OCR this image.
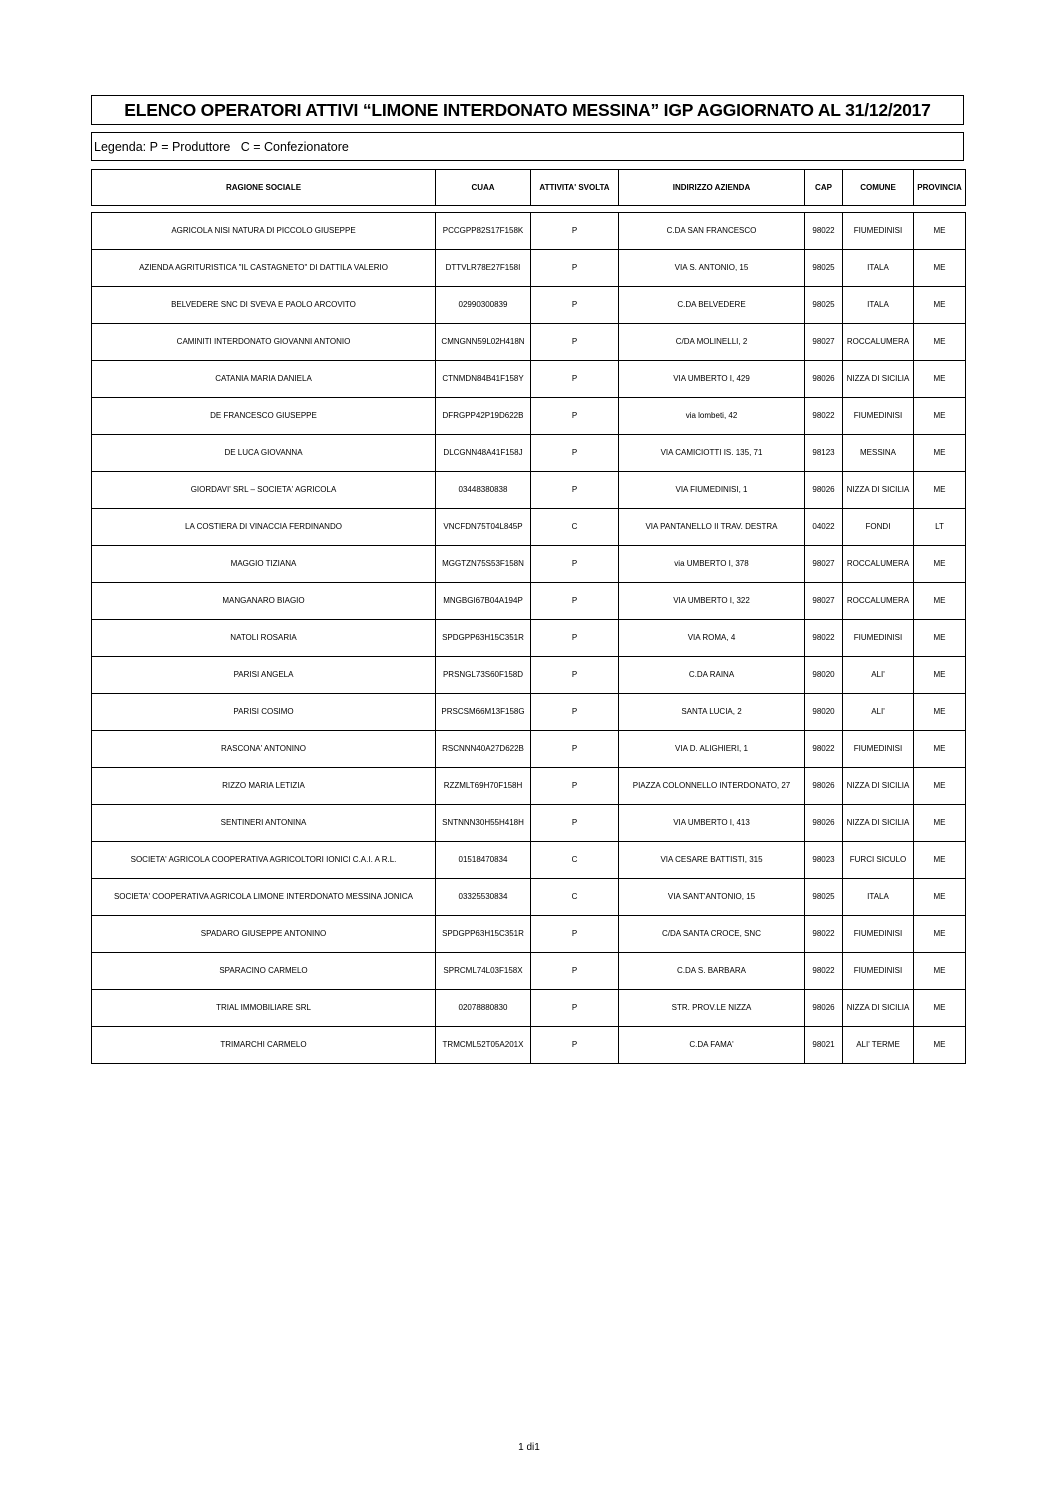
ELENCO OPERATORI ATTIVI “LIMONE INTERDONATO MESSINA” IGP AGGIORNATO AL 31/12/2017
Legenda: P = Produttore   C = Confezionatore
RAGIONE SOCIALE	CUAA	ATTIVITA' SVOLTA	INDIRIZZO AZIENDA	CAP	COMUNE	PROVINCIA
AGRICOLA NISI NATURA DI PICCOLO GIUSEPPE	PCCGPP82S17F158K	P	C.DA SAN FRANCESCO	98022	FIUMEDINISI	ME
AZIENDA AGRITURISTICA "IL CASTAGNETO" DI DATTILA VALERIO	DTTVLR78E27F158I	P	VIA S. ANTONIO, 15	98025	ITALA	ME
BELVEDERE SNC DI SVEVA E PAOLO ARCOVITO	02990300839	P	C.DA BELVEDERE	98025	ITALA	ME
CAMINITI INTERDONATO GIOVANNI ANTONIO	CMNGNN59L02H418N	P	C/DA MOLINELLI, 2	98027	ROCCALUMERA	ME
CATANIA MARIA DANIELA	CTNMDN84B41F158Y	P	VIA UMBERTO I, 429	98026	NIZZA DI SICILIA	ME
DE FRANCESCO GIUSEPPE	DFRGPP42P19D622B	P	via lombeti, 42	98022	FIUMEDINISI	ME
DE LUCA GIOVANNA	DLCGNN48A41F158J	P	VIA CAMICIOTTI IS. 135, 71	98123	MESSINA	ME
GIORDAVI' SRL – SOCIETA' AGRICOLA	03448380838	P	VIA FIUMEDINISI, 1	98026	NIZZA DI SICILIA	ME
LA COSTIERA DI VINACCIA FERDINANDO	VNCFDN75T04L845P	C	VIA PANTANELLO II TRAV. DESTRA	04022	FONDI	LT
MAGGIO TIZIANA	MGGTZN75S53F158N	P	via UMBERTO I, 378	98027	ROCCALUMERA	ME
MANGANARO BIAGIO	MNGBGI67B04A194P	P	VIA UMBERTO I, 322	98027	ROCCALUMERA	ME
NATOLI ROSARIA	SPDGPP63H15C351R	P	VIA ROMA, 4	98022	FIUMEDINISI	ME
PARISI ANGELA	PRSNGL73S60F158D	P	C.DA RAINA	98020	ALI'	ME
PARISI COSIMO	PRSCSM66M13F158G	P	SANTA LUCIA, 2	98020	ALI'	ME
RASCONA' ANTONINO	RSCNNN40A27D622B	P	VIA D. ALIGHIERI, 1	98022	FIUMEDINISI	ME
RIZZO MARIA LETIZIA	RZZMLT69H70F158H	P	PIAZZA COLONNELLO INTERDONATO, 27	98026	NIZZA DI SICILIA	ME
SENTINERI ANTONINA	SNTNNN30H55H418H	P	VIA UMBERTO I, 413	98026	NIZZA DI SICILIA	ME
SOCIETA' AGRICOLA COOPERATIVA AGRICOLTORI IONICI C.A.I. A R.L.	01518470834	C	VIA CESARE BATTISTI, 315	98023	FURCI SICULO	ME
SOCIETA' COOPERATIVA AGRICOLA LIMONE INTERDONATO MESSINA JONICA	03325530834	C	VIA SANT'ANTONIO, 15	98025	ITALA	ME
SPADARO GIUSEPPE ANTONINO	SPDGPP63H15C351R	P	C/DA SANTA CROCE, SNC	98022	FIUMEDINISI	ME
SPARACINO CARMELO	SPRCML74L03F158X	P	C.DA S. BARBARA	98022	FIUMEDINISI	ME
TRIAL IMMOBILIARE SRL	02078880830	P	STR. PROV.LE NIZZA	98026	NIZZA DI SICILIA	ME
TRIMARCHI CARMELO	TRMCML52T05A201X	P	C.DA FAMA'	98021	ALI' TERME	ME
1 di1
